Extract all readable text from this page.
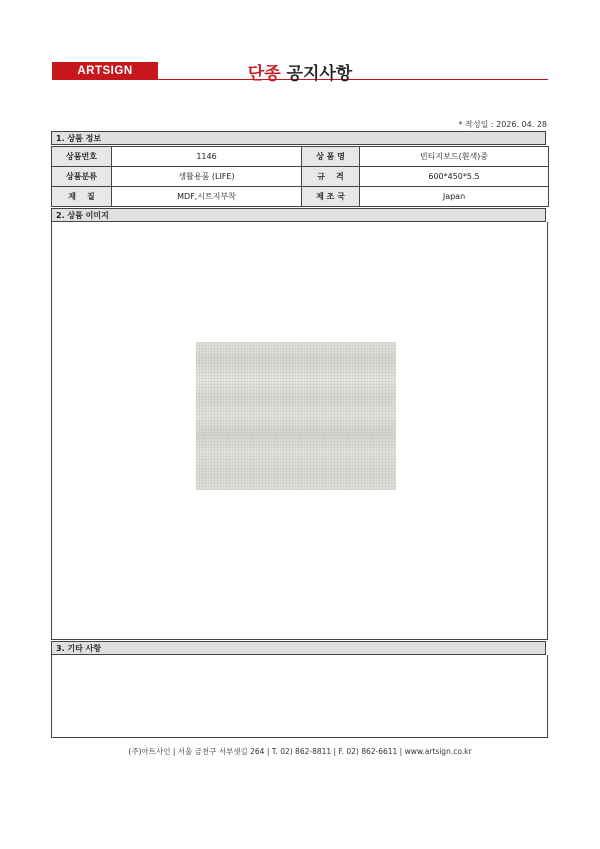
ARTSIGN	단종 공지사항
* 작성일 : 2026. 04. 28
1. 상품 정보
상품번호	1146	상 품 명	빈티지보드(흰색)중
상품분류	생활용품 (LIFE)	규    격	600*450*5.5
재    질	MDF,시트지부착	제 조 국	Japan
2. 상품 이미지
3. 기타 사항
(주)아트사인 | 서울 금천구 서부샛길 264 | T. 02) 862-8811 | F. 02) 862-6611 | www.artsign.co.kr
